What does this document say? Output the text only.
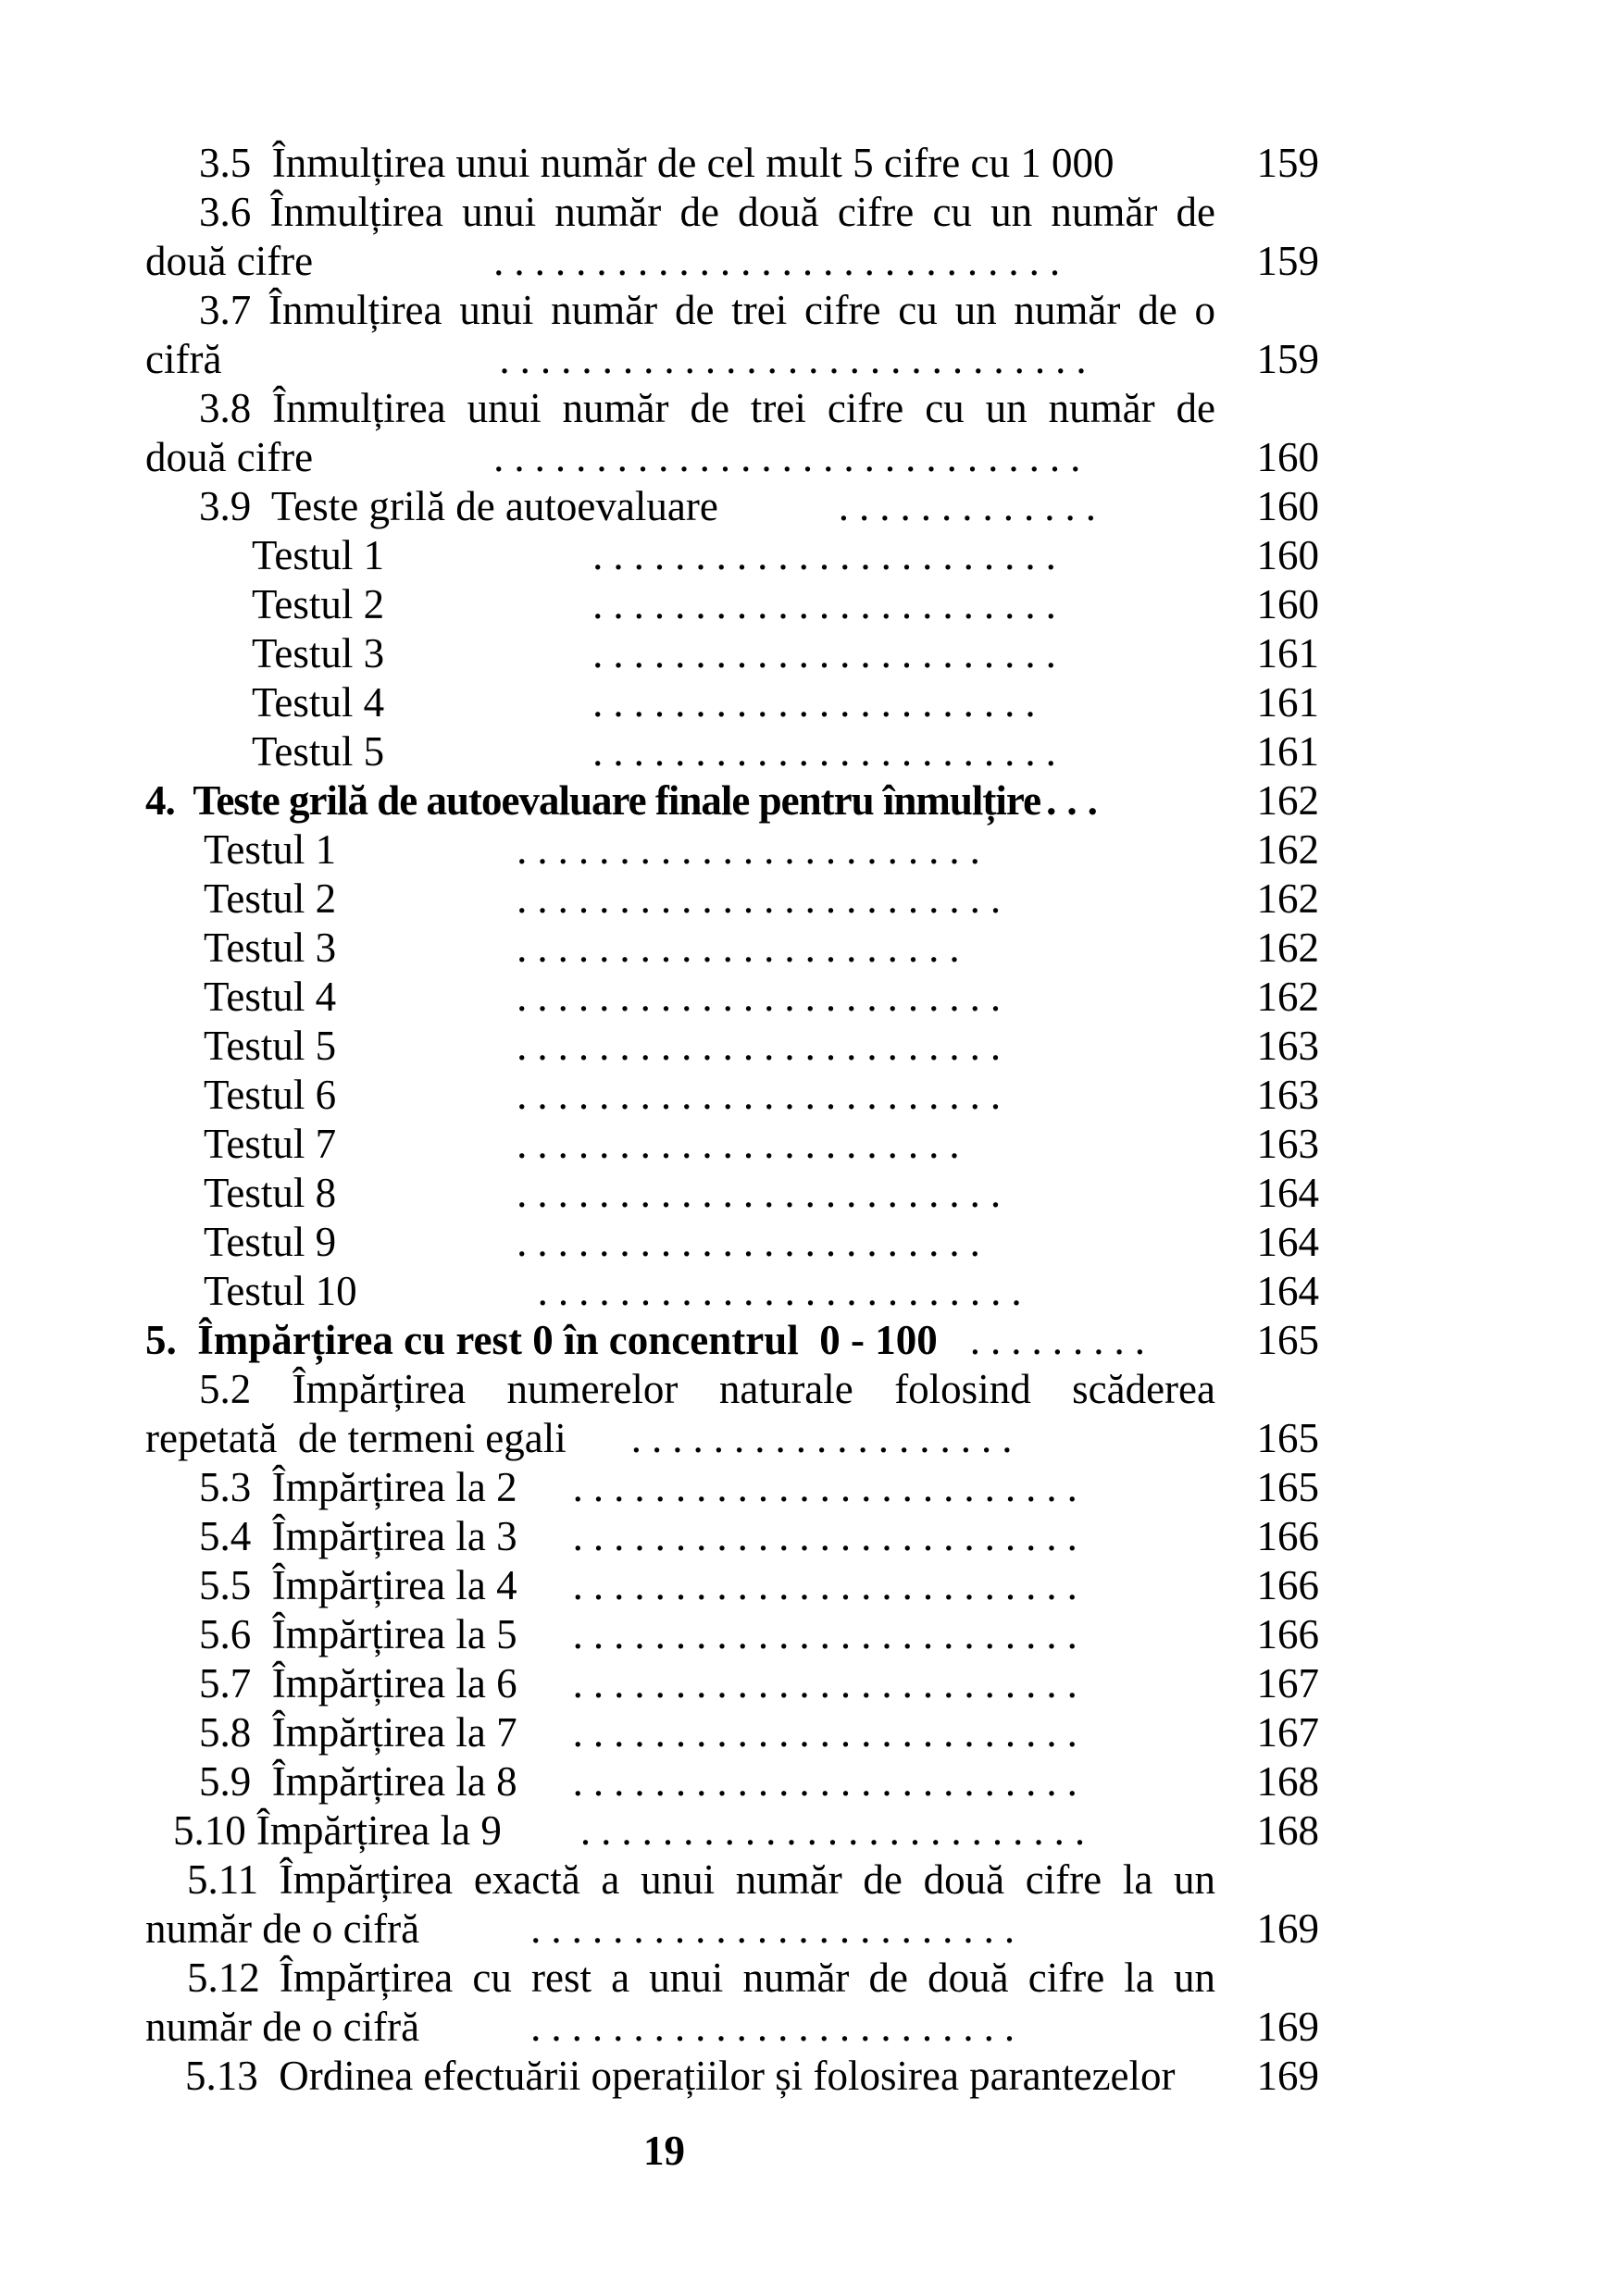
3.5  Înmulțirea unui număr de cel mult 5 cifre cu 1 000	159
3.6 Înmulțirea unui număr de două cifre cu un număr de
două cifre	............................	159
3.7 Înmulțirea unui număr de trei cifre cu un număr de o
cifră	.............................	159
3.8 Înmulțirea unui număr de trei cifre cu un număr de
două cifre	.............................	160
3.9  Teste grilă de autoevaluare	.............	160
Testul 1	.......................	160
Testul 2	.......................	160
Testul 3	.......................	161
Testul 4	......................	161
Testul 5	.......................	161
4.  Teste grilă de autoevaluare finale pentru înmulțire ...	162
Testul 1	.......................	162
Testul 2	........................	162
Testul 3	......................	162
Testul 4	........................	162
Testul 5	........................	163
Testul 6	........................	163
Testul 7	......................	163
Testul 8	........................	164
Testul 9	.......................	164
Testul 10	........................	164
5.  Împărțirea cu rest 0 în concentrul  0 - 100 .........	165
5.2 Împărțirea numerelor naturale folosind scăderea
repetată  de termeni egali	...................	165
5.3  Împărțirea la 2	.........................	165
5.4  Împărțirea la 3	.........................	166
5.5  Împărțirea la 4	.........................	166
5.6  Împărțirea la 5	.........................	166
5.7  Împărțirea la 6	.........................	167
5.8  Împărțirea la 7	.........................	167
5.9  Împărțirea la 8	.........................	168
5.10 Împărțirea la 9	.........................	168
5.11 Împărțirea exactă a unui număr de două cifre la un
număr de o cifră	........................	169
5.12 Împărțirea cu rest a unui număr de două cifre la un
număr de o cifră	........................	169
5.13  Ordinea efectuării operațiilor și folosirea parantezelor 169
19
